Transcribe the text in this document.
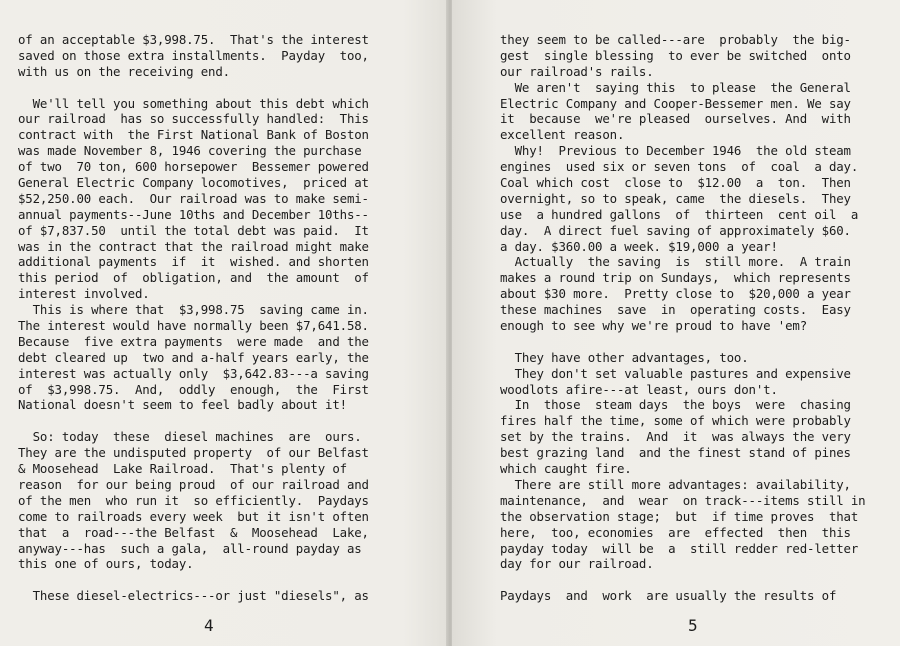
of an acceptable $3,998.75.  That's the interest
saved on those extra installments.  Payday  too,
with us on the receiving end.
We'll tell you something about this debt which
our railroad  has so successfully handled:  This
contract with  the First National Bank of Boston
was made November 8, 1946 covering the purchase
of two  70 ton, 600 horsepower  Bessemer powered
General Electric Company locomotives,  priced at
$52,250.00 each.  Our railroad was to make semi-
annual payments--June 10ths and December 10ths--
of $7,837.50  until the total debt was paid.  It
was in the contract that the railroad might make
additional payments  if  it  wished. and shorten
this period  of  obligation, and  the amount  of
interest involved.
This is where that  $3,998.75  saving came in.
The interest would have normally been $7,641.58.
Because  five extra payments  were made  and the
debt cleared up  two and a-half years early, the
interest was actually only  $3,642.83---a saving
of  $3,998.75.  And,  oddly  enough,  the  First
National doesn't seem to feel badly about it!
So: today  these  diesel machines  are  ours.
They are the undisputed property  of our Belfast
& Moosehead  Lake Railroad.  That's plenty of
reason  for our being proud  of our railroad and
of the men  who run it  so efficiently.  Paydays
come to railroads every week  but it isn't often
that  a  road---the Belfast  &  Moosehead  Lake,
anyway---has  such a gala,  all-round payday as
this one of ours, today.
These diesel-electrics---or just "diesels", as
4
they seem to be called---are  probably  the big-
gest  single blessing  to ever be switched  onto
our railroad's rails.
We aren't  saying this  to please  the General
Electric Company and Cooper-Bessemer men. We say
it  because  we're pleased  ourselves. And  with
excellent reason.
Why!  Previous to December 1946  the old steam
engines  used six or seven tons  of  coal  a day.
Coal which cost  close to  $12.00  a  ton.  Then
overnight, so to speak, came  the diesels.  They
use  a hundred gallons  of  thirteen  cent oil  a
day.  A direct fuel saving of approximately $60.
a day. $360.00 a week. $19,000 a year!
Actually  the saving  is  still more.  A train
makes a round trip on Sundays,  which represents
about $30 more.  Pretty close to  $20,000 a year
these machines  save  in  operating costs.  Easy
enough to see why we're proud to have 'em?
They have other advantages, too.
They don't set valuable pastures and expensive
woodlots afire---at least, ours don't.
In  those  steam days  the boys  were  chasing
fires half the time, some of which were probably
set by the trains.  And  it  was always the very
best grazing land  and the finest stand of pines
which caught fire.
There are still more advantages: availability,
maintenance,  and  wear  on track---items still in
the observation stage;  but  if time proves  that
here,  too, economies  are  effected  then  this
payday today  will be  a  still redder red-letter
day for our railroad.
Paydays  and  work  are usually the results of
5
